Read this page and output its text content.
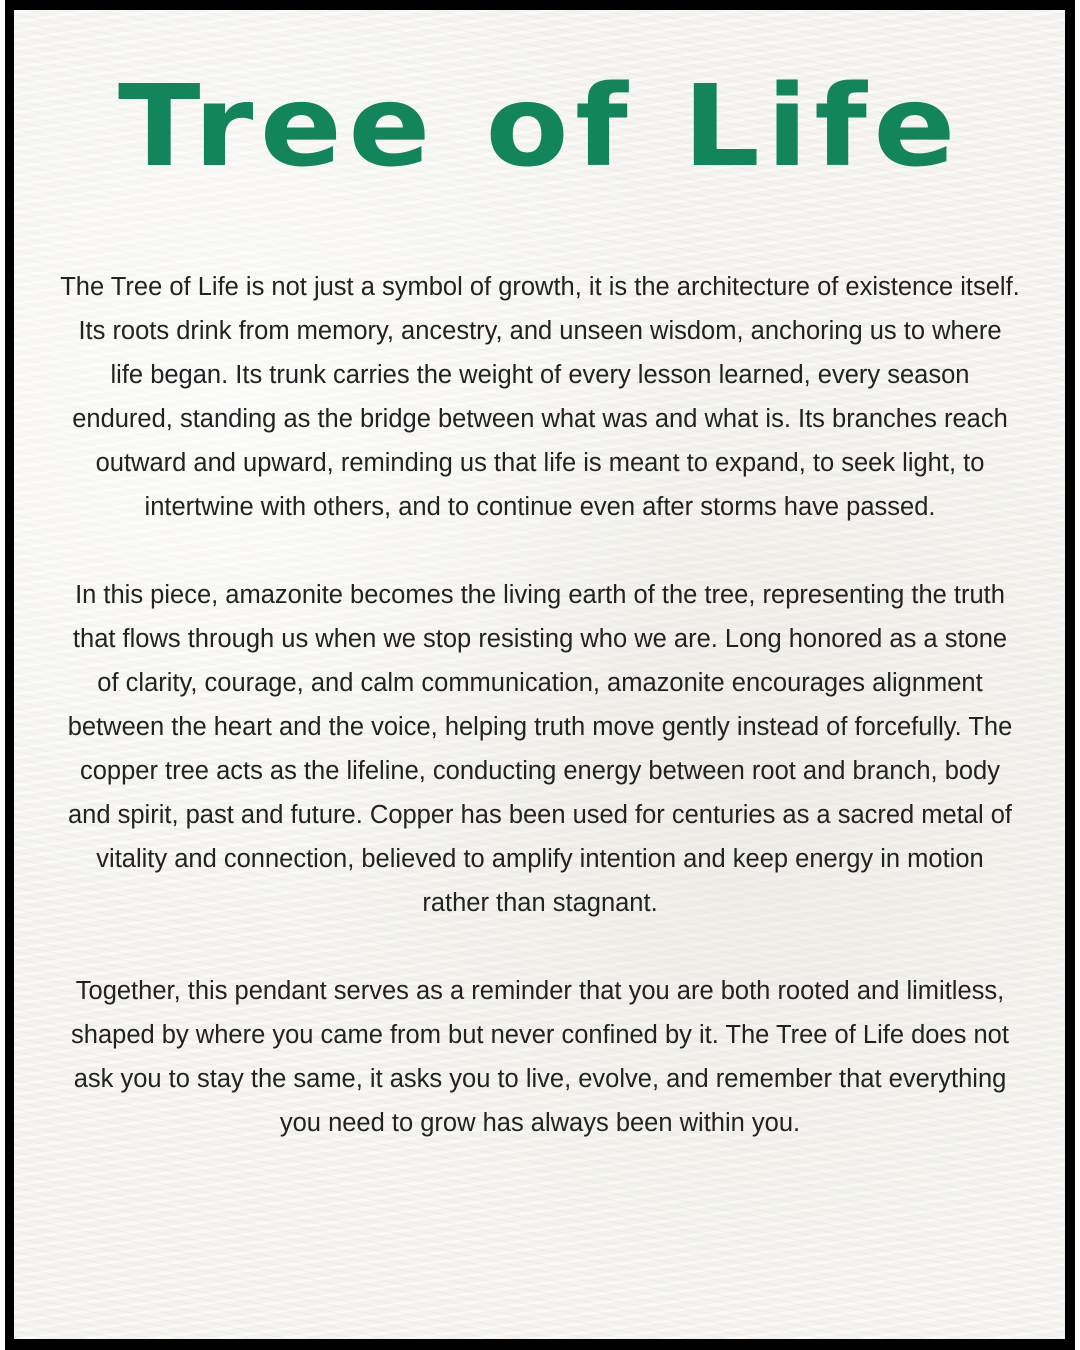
Tree of Life

The Tree of Life is not just a symbol of growth, it is the architecture of existence itself. Its roots drink from memory, ancestry, and unseen wisdom, anchoring us to where life began. Its trunk carries the weight of every lesson learned, every season endured, standing as the bridge between what was and what is. Its branches reach outward and upward, reminding us that life is meant to expand, to seek light, to intertwine with others, and to continue even after storms have passed.

In this piece, amazonite becomes the living earth of the tree, representing the truth that flows through us when we stop resisting who we are. Long honored as a stone of clarity, courage, and calm communication, amazonite encourages alignment between the heart and the voice, helping truth move gently instead of forcefully. The copper tree acts as the lifeline, conducting energy between root and branch, body and spirit, past and future. Copper has been used for centuries as a sacred metal of vitality and connection, believed to amplify intention and keep energy in motion rather than stagnant.

Together, this pendant serves as a reminder that you are both rooted and limitless, shaped by where you came from but never confined by it. The Tree of Life does not ask you to stay the same, it asks you to live, evolve, and remember that everything you need to grow has always been within you.
